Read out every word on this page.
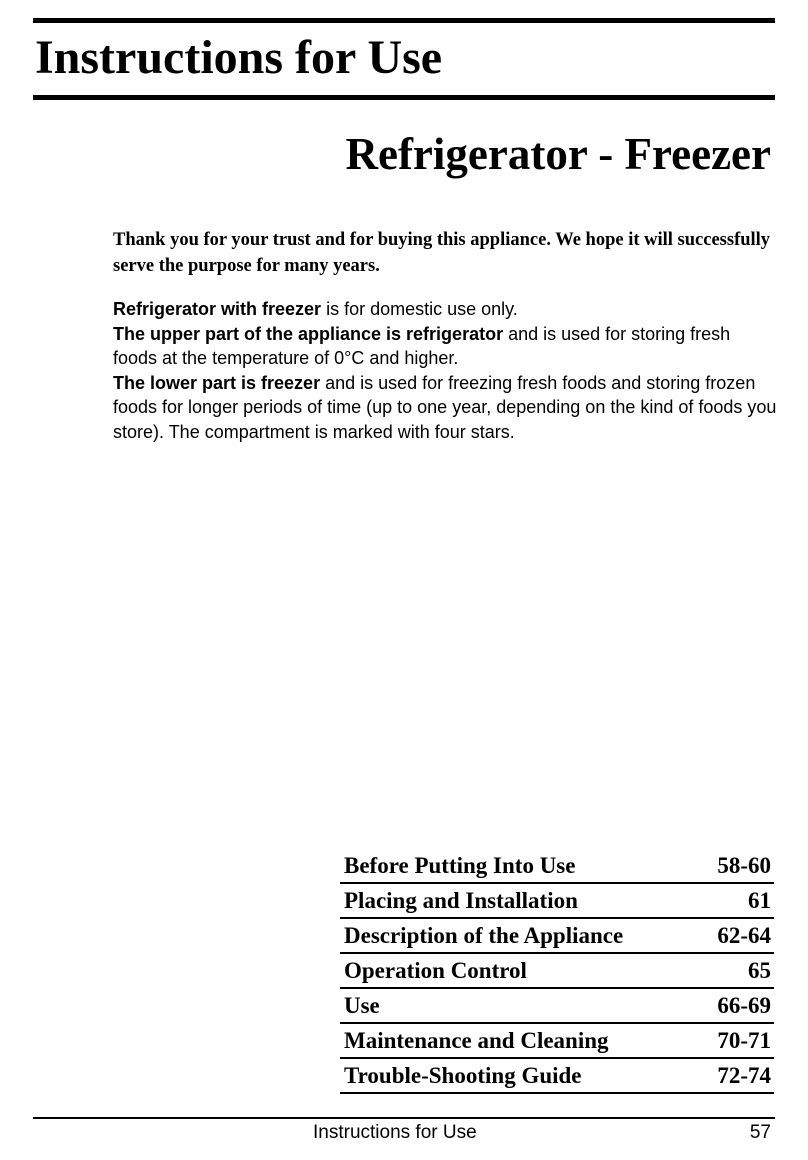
Instructions for Use
Refrigerator - Freezer

Thank you for your trust and for buying this appliance. We hope it will successfully serve the purpose for many years.

Refrigerator with freezer is for domestic use only.
The upper part of the appliance is refrigerator and is used for storing fresh foods at the temperature of 0°C and higher.
The lower part is freezer and is used for freezing fresh foods and storing frozen foods for longer periods of time (up to one year, depending on the kind of foods you store). The compartment is marked with four stars.
Before Putting Into Use	58-60
Placing and Installation	61
Description of the Appliance	62-64
Operation Control	65
Use	66-69
Maintenance and Cleaning	70-71
Trouble-Shooting Guide	72-74
Instructions for Use	57
